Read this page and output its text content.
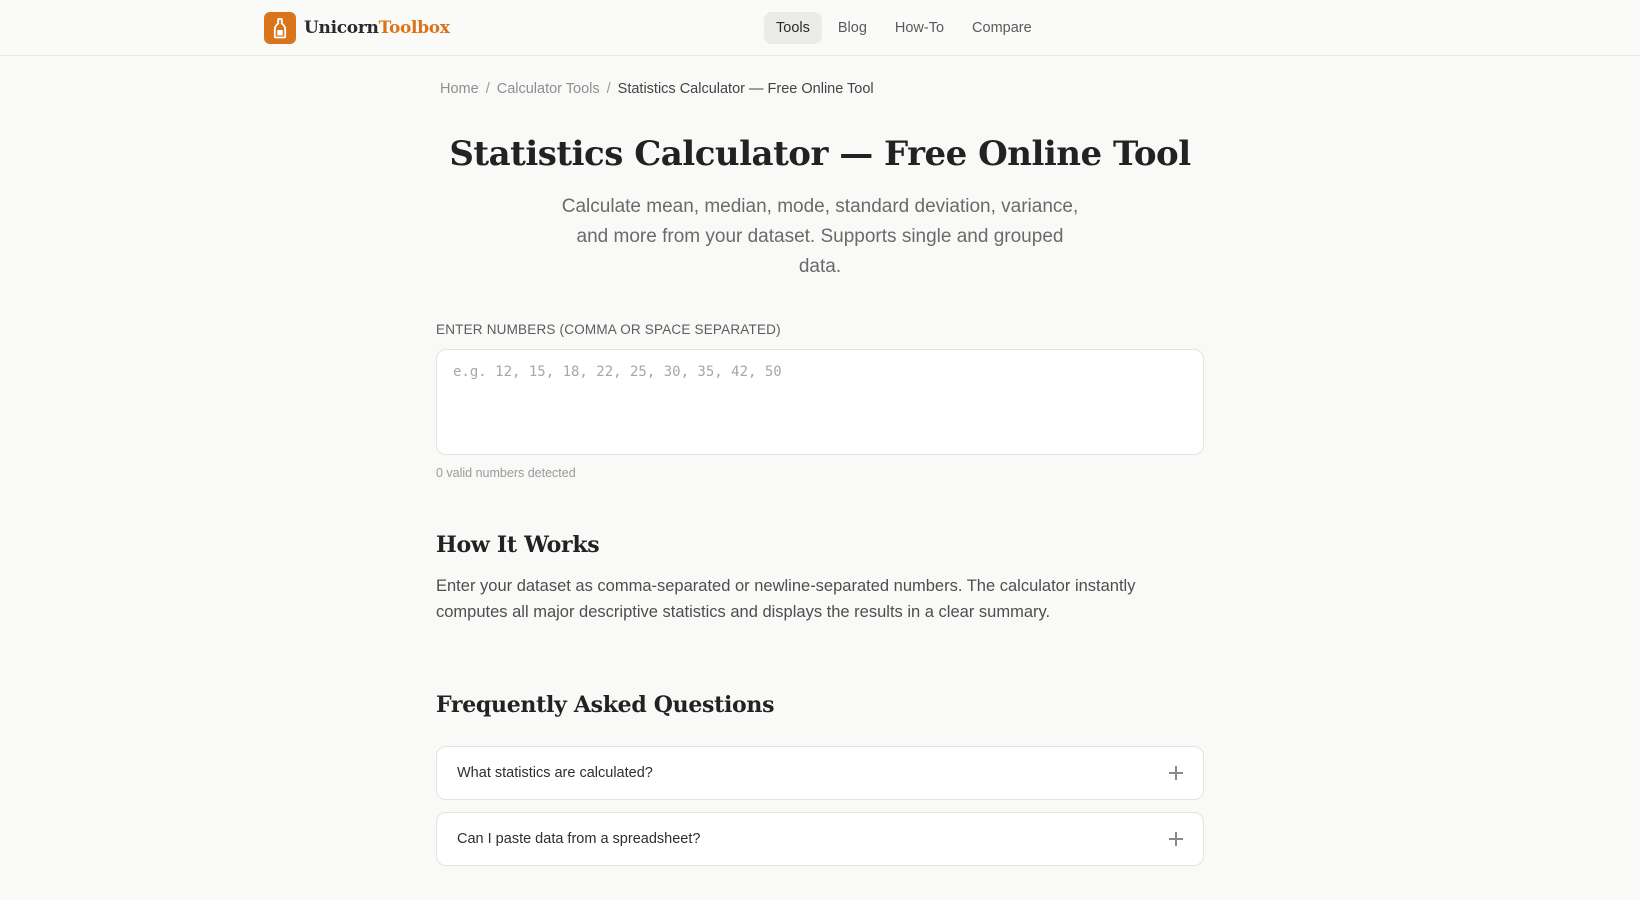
UnicornToolbox	Tools	Blog	How-To	Compare
Home / Calculator Tools / Statistics Calculator — Free Online Tool
Statistics Calculator — Free Online Tool

Calculate mean, median, mode, standard deviation, variance, and more from your dataset. Supports single and grouped data.

ENTER NUMBERS (COMMA OR SPACE SEPARATED)
e.g. 12, 15, 18, 22, 25, 30, 35, 42, 50
0 valid numbers detected
How It Works

Enter your dataset as comma-separated or newline-separated numbers. The calculator instantly computes all major descriptive statistics and displays the results in a clear summary.

Frequently Asked Questions
What statistics are calculated?
Can I paste data from a spreadsheet?
